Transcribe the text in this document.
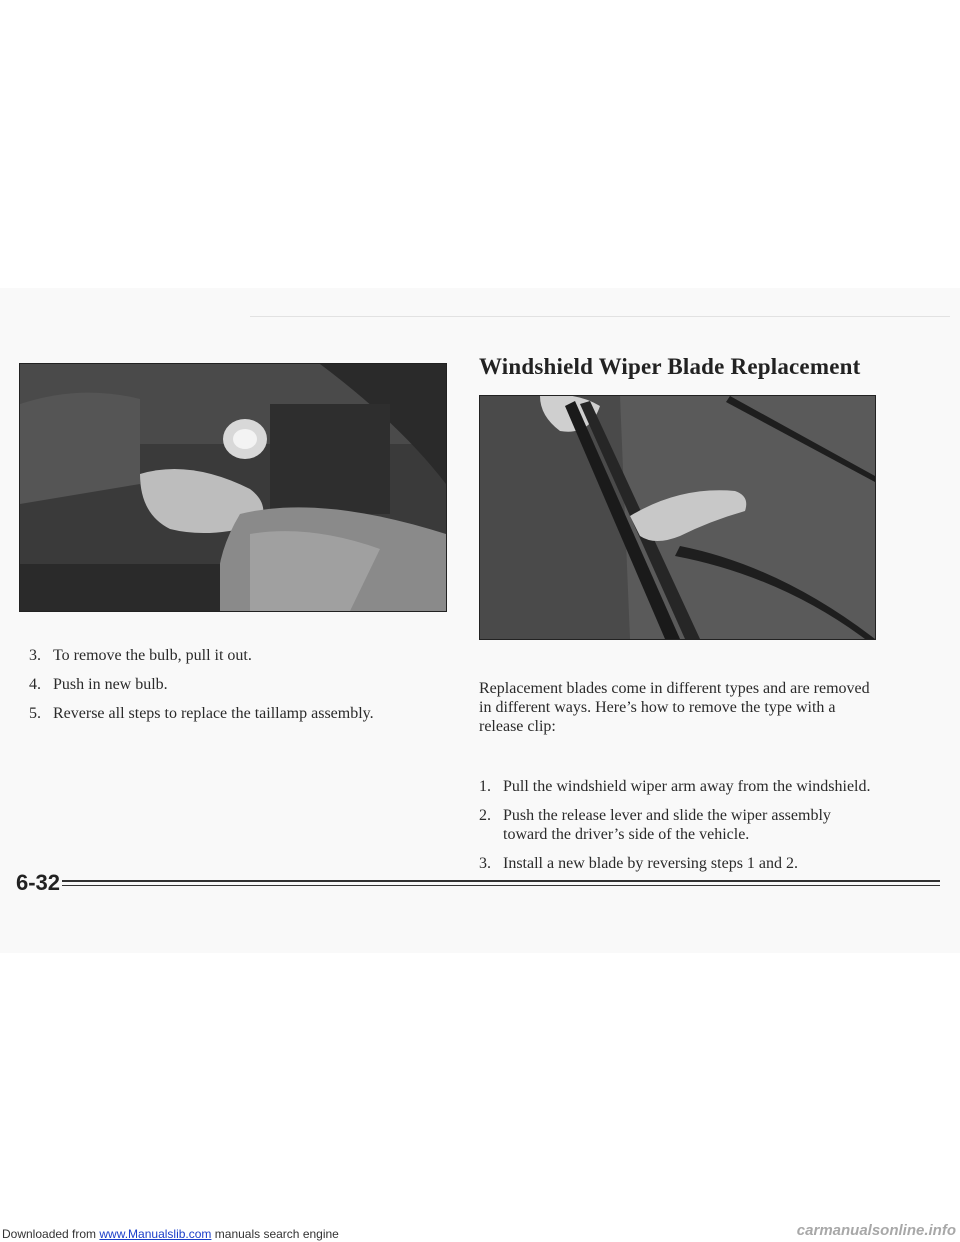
3. To remove the bulb, pull it out.
4. Push in new bulb.
5. Reverse all steps to replace the taillamp assembly.
Windshield Wiper Blade Replacement

Replacement blades come in different types and are removed in different ways. Here’s how to remove the type with a release clip:

1. Pull the windshield wiper arm away from the windshield.
2. Push the release lever and slide the wiper assembly toward the driver’s side of the vehicle.
3. Install a new blade by reversing steps 1 and 2.

6-32

Downloaded from www.Manualslib.com manuals search engine	carmanualsonline.info
